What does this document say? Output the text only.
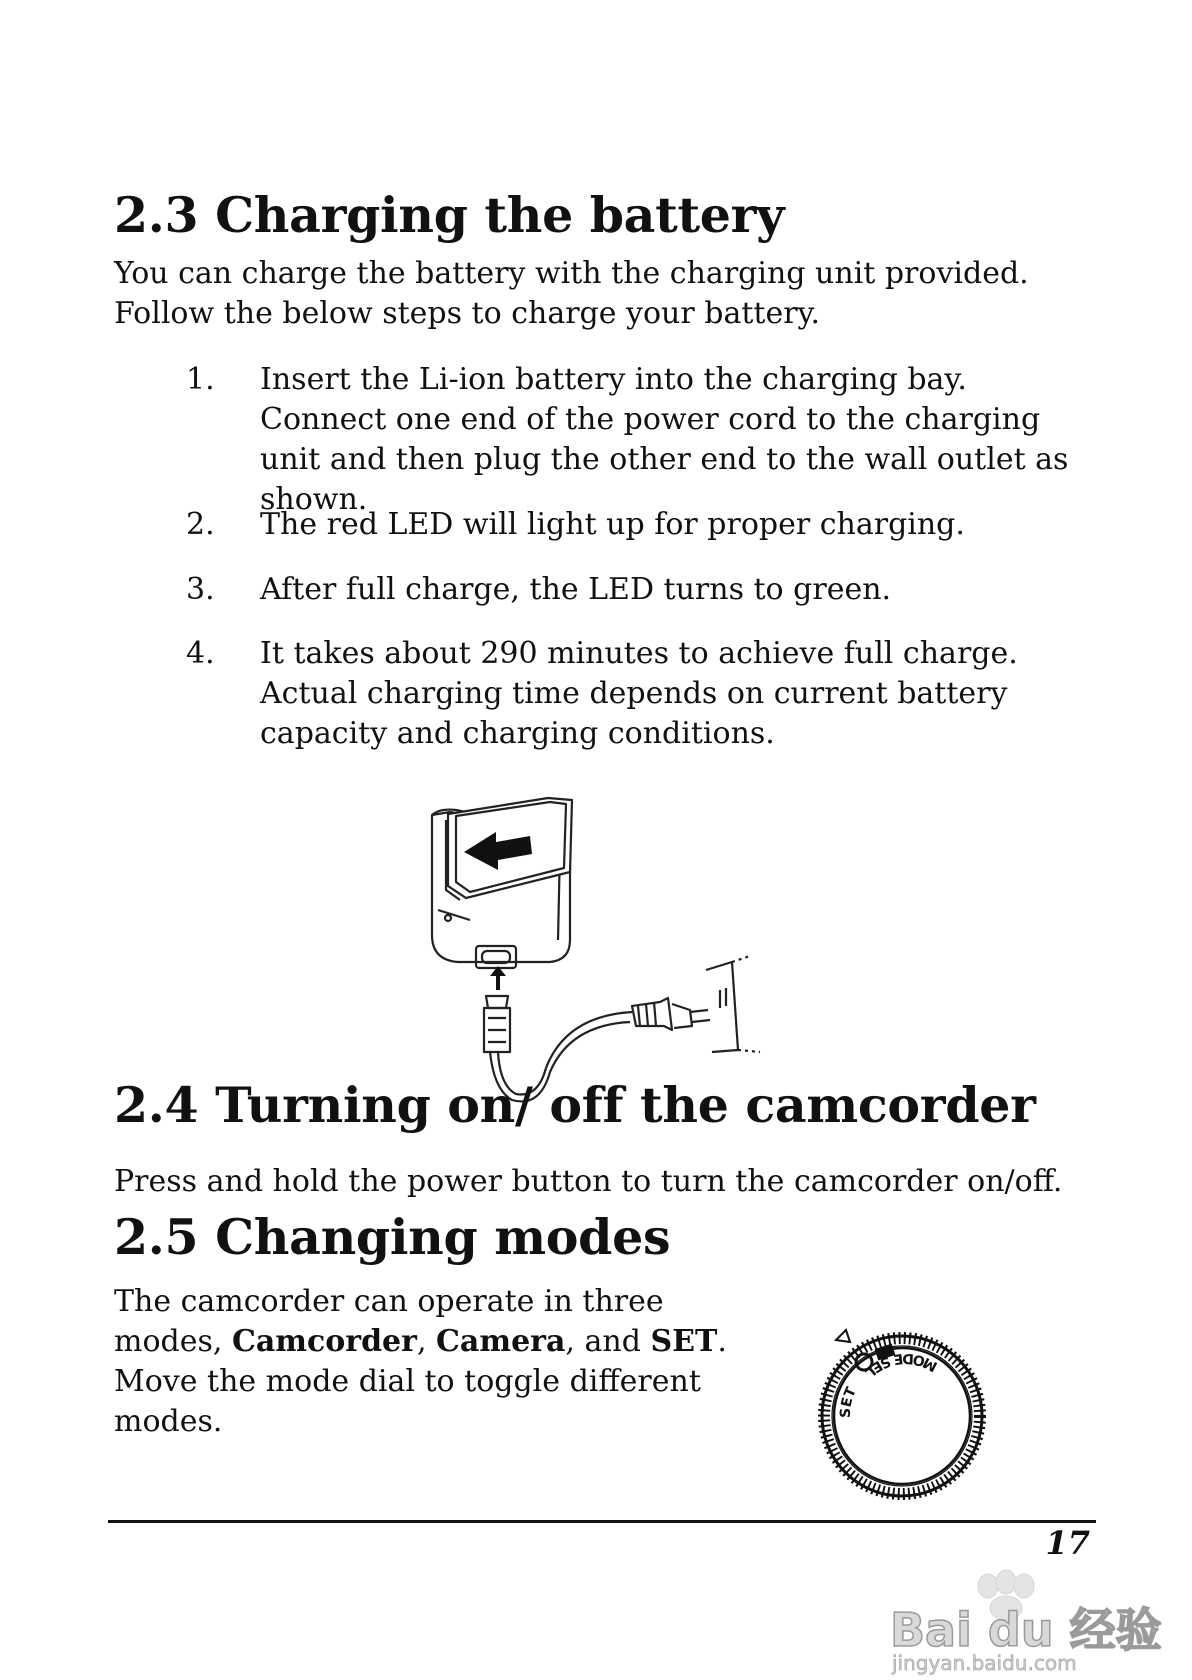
2.3 Charging the battery

You can charge the battery with the charging unit provided. Follow the below steps to charge your battery.

1. Insert the Li-ion battery into the charging bay. Connect one end of the power cord to the charging unit and then plug the other end to the wall outlet as shown.

2. The red LED will light up for proper charging.

3. After full charge, the LED turns to green.

4. It takes about 290 minutes to achieve full charge. Actual charging time depends on current battery capacity and charging conditions.

2.4 Turning on/ off the camcorder

Press and hold the power button to turn the camcorder on/off.

2.5 Changing modes

The camcorder can operate in three modes, Camcorder, Camera, and SET. Move the mode dial to toggle different modes.	SET
MODE SEL
17
Bai du 经验
jingyan.baidu.com
